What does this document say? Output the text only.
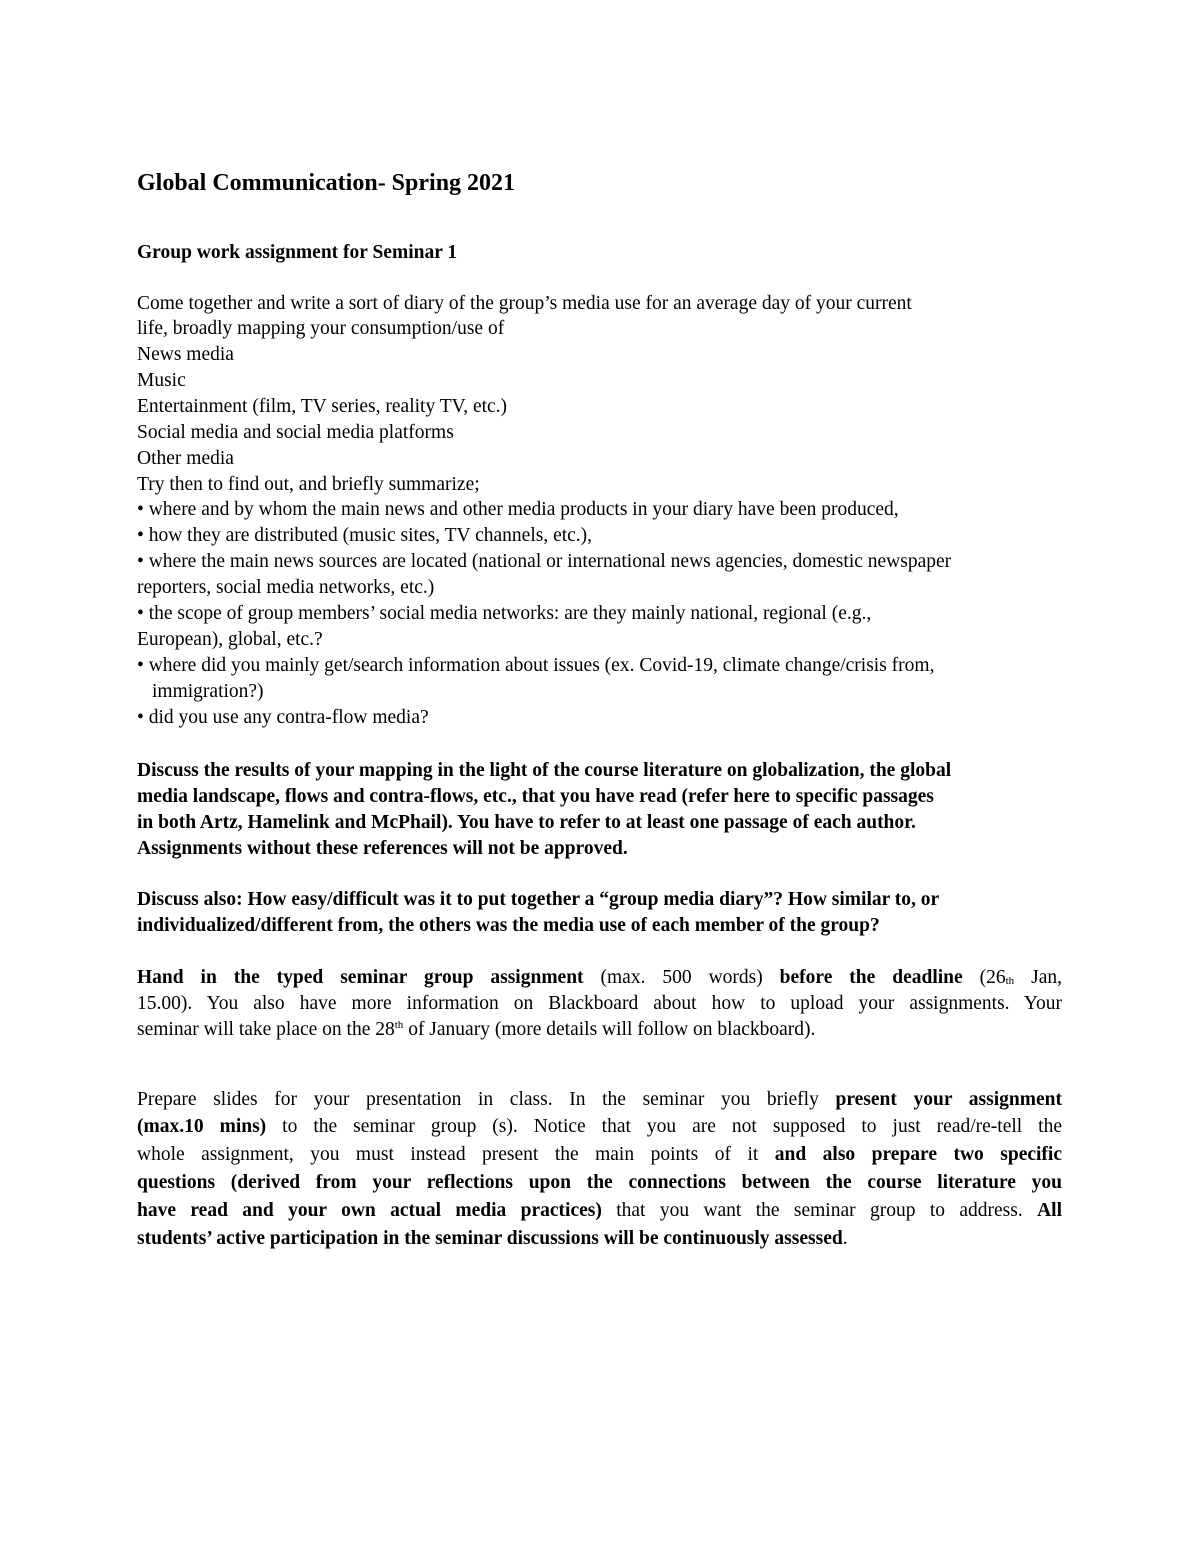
Global Communication- Spring 2021
Group work assignment for Seminar 1
Come together and write a sort of diary of the group’s media use for an average day of your current
life, broadly mapping your consumption/use of
News media
Music
Entertainment (film, TV series, reality TV, etc.)
Social media and social media platforms
Other media
Try then to find out, and briefly summarize;
• where and by whom the main news and other media products in your diary have been produced,
• how they are distributed (music sites, TV channels, etc.),
• where the main news sources are located (national or international news agencies, domestic newspaper
reporters, social media networks, etc.)
• the scope of group members’ social media networks: are they mainly national, regional (e.g.,
European), global, etc.?
• where did you mainly get/search information about issues (ex. Covid-19, climate change/crisis from,
immigration?)
• did you use any contra-flow media?
Discuss the results of your mapping in the light of the course literature on globalization, the global
media landscape, flows and contra-flows, etc., that you have read (refer here to specific passages
in both Artz, Hamelink and McPhail). You have to refer to at least one passage of each author.
Assignments without these references will not be approved.
Discuss also: How easy/difficult was it to put together a “group media diary”? How similar to, or
individualized/different from, the others was the media use of each member of the group?
Hand in the typed seminar group assignment (max. 500 words) before the deadline ($26_{th}$ Jan,
15.00). You also have more information on Blackboard about how to upload your assignments. Your
seminar will take place on the 28th of January (more details will follow on blackboard).
Prepare slides for your presentation in class. In the seminar you briefly present your assignment
(max.10 mins) to the seminar group (s). Notice that you are not supposed to just read/re-tell the
whole assignment, you must instead present the main points of it and also prepare two specific
questions (derived from your reflections upon the connections between the course literature you
have read and your own actual media practices) that you want the seminar group to address. All
students’ active participation in the seminar discussions will be continuously assessed.
